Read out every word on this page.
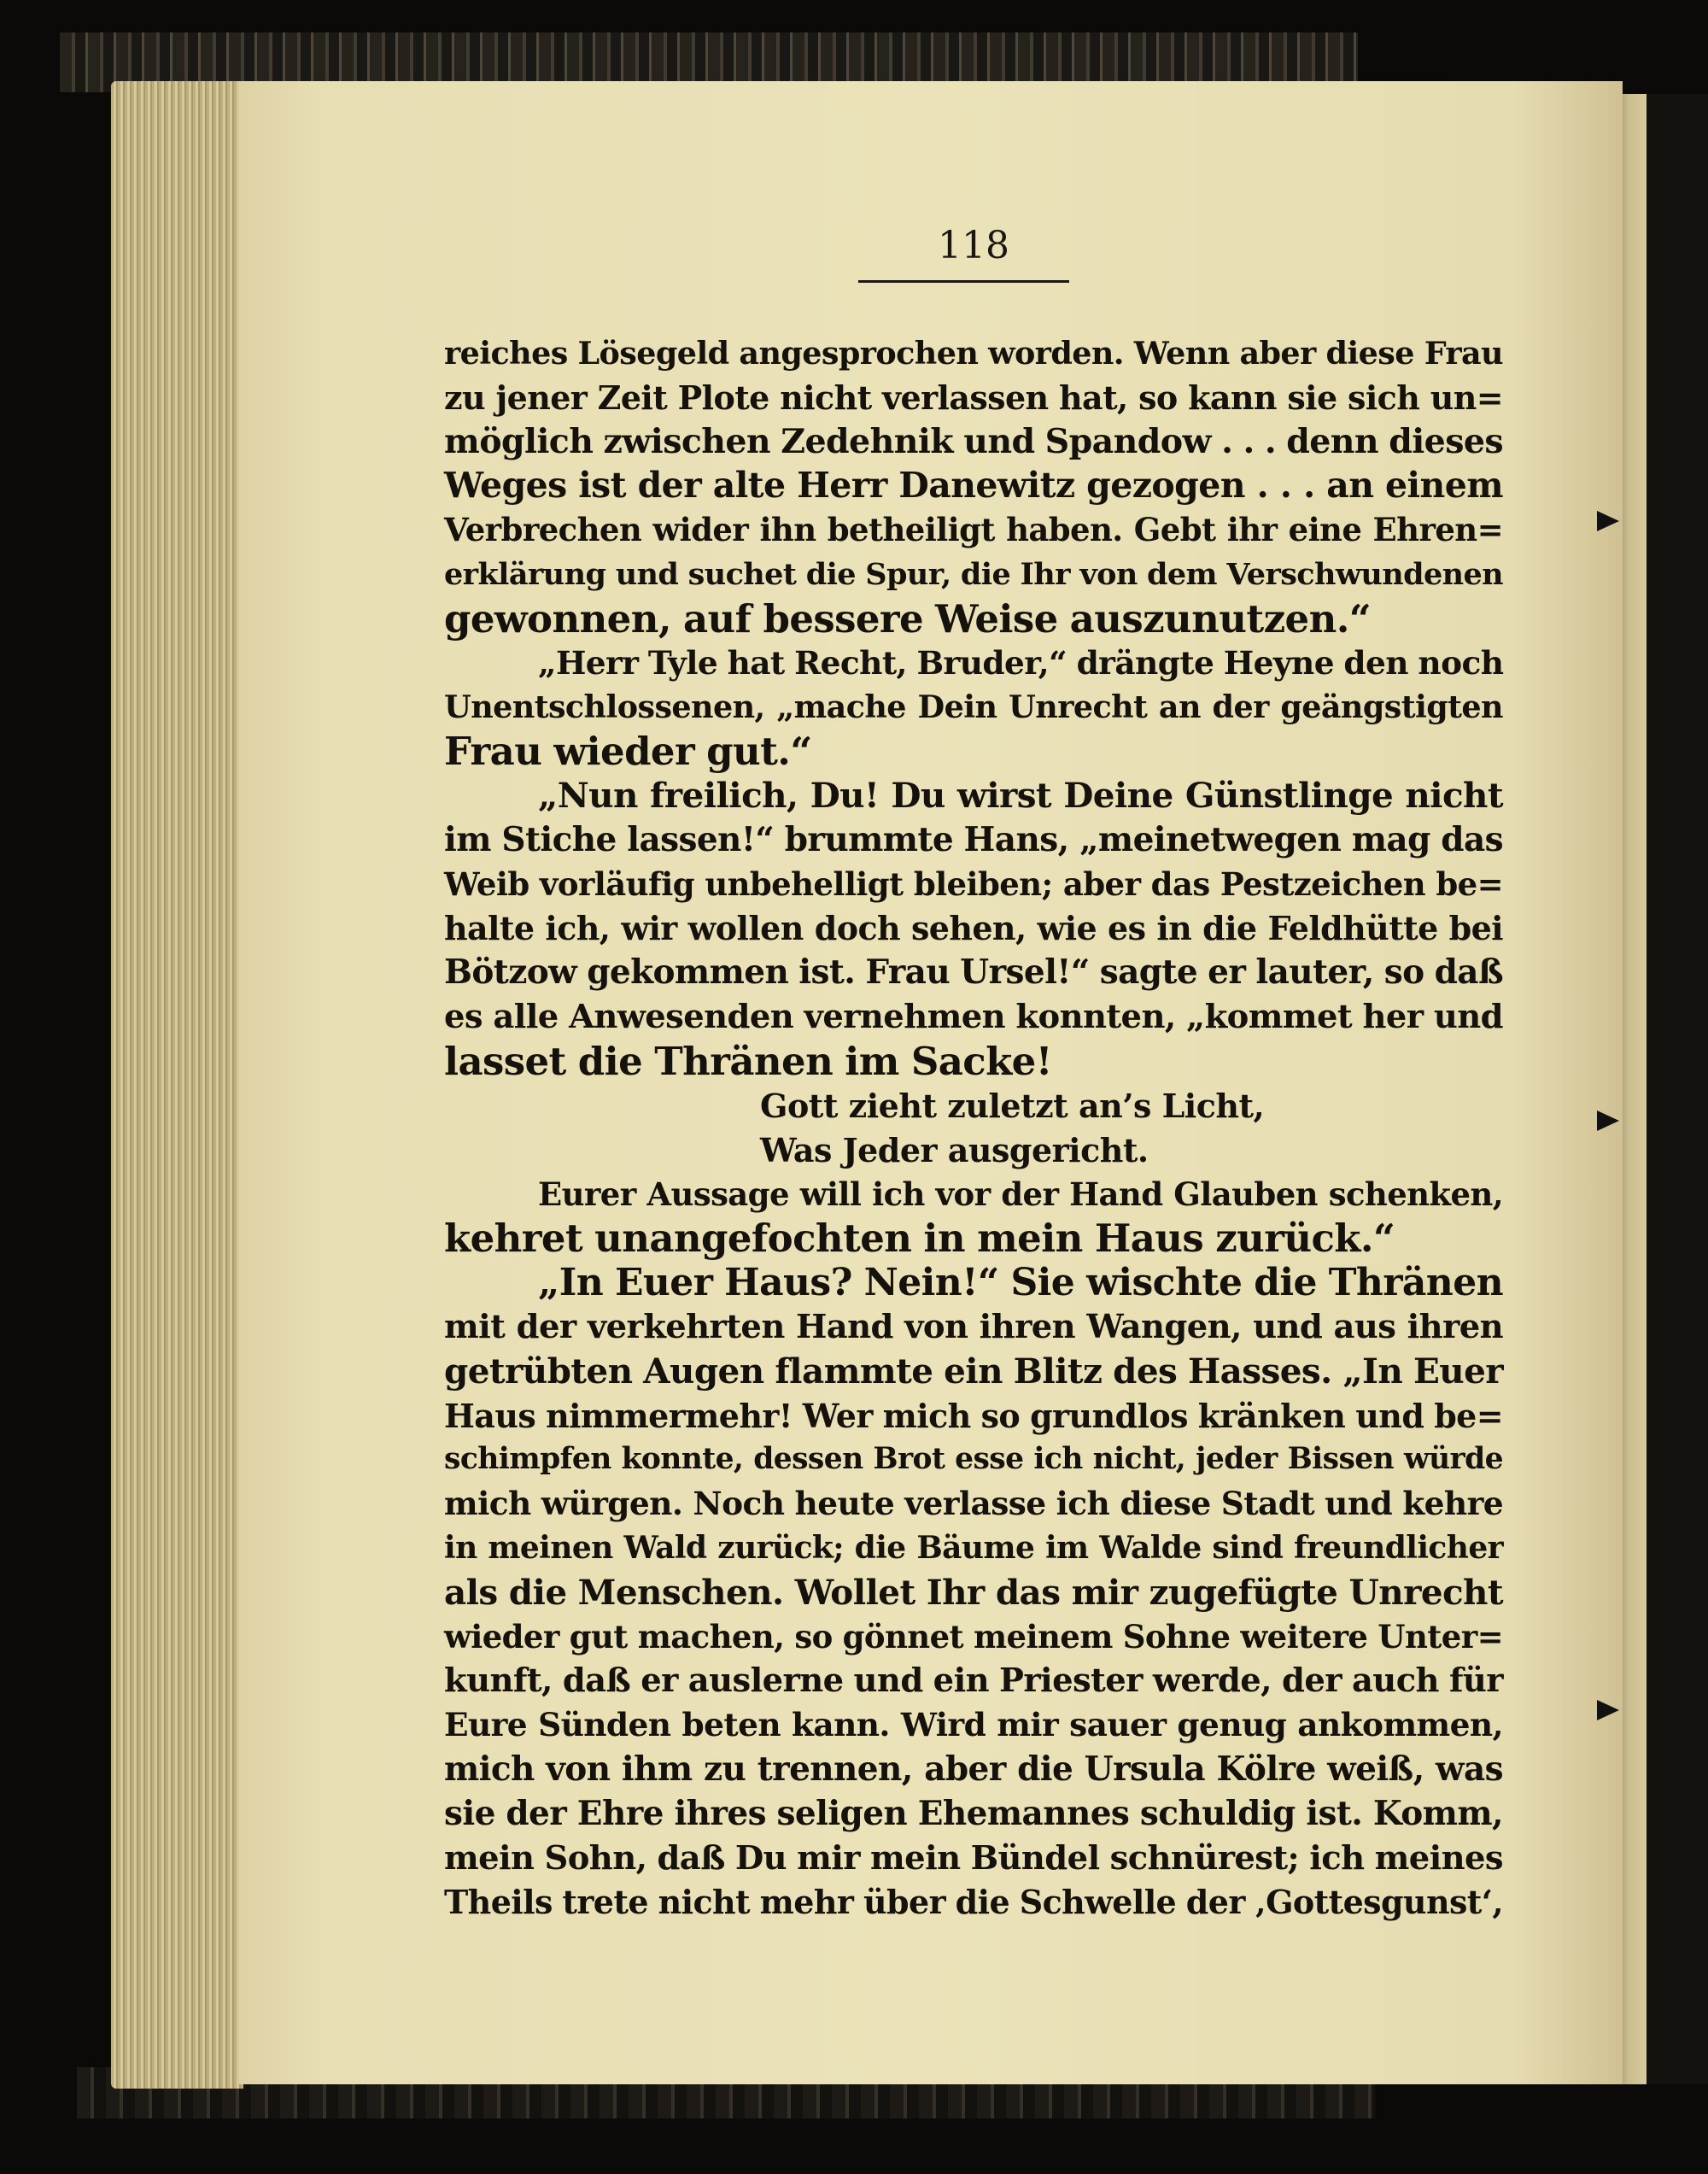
118
reiches Lösegeld angesprochen worden. Wenn aber diese Frau
zu jener Zeit Plote nicht verlassen hat, so kann sie sich un=
möglich zwischen Zedehnik und Spandow . . . denn dieses
Weges ist der alte Herr Danewitz gezogen . . . an einem
Verbrechen wider ihn betheiligt haben. Gebt ihr eine Ehren=
erklärung und suchet die Spur, die Ihr von dem Verschwundenen
gewonnen, auf bessere Weise auszunutzen.“
„Herr Tyle hat Recht, Bruder,“ drängte Heyne den noch
Unentschlossenen, „mache Dein Unrecht an der geängstigten
Frau wieder gut.“
„Nun freilich, Du! Du wirst Deine Günstlinge nicht
im Stiche lassen!“ brummte Hans, „meinetwegen mag das
Weib vorläufig unbehelligt bleiben; aber das Pestzeichen be=
halte ich, wir wollen doch sehen, wie es in die Feldhütte bei
Bötzow gekommen ist. Frau Ursel!“ sagte er lauter, so daß
es alle Anwesenden vernehmen konnten, „kommet her und
lasset die Thränen im Sacke!
Gott zieht zuletzt an’s Licht,
Was Jeder ausgericht.
Eurer Aussage will ich vor der Hand Glauben schenken,
kehret unangefochten in mein Haus zurück.“
„In Euer Haus? Nein!“ Sie wischte die Thränen
mit der verkehrten Hand von ihren Wangen, und aus ihren
getrübten Augen flammte ein Blitz des Hasses. „In Euer
Haus nimmermehr! Wer mich so grundlos kränken und be=
schimpfen konnte, dessen Brot esse ich nicht, jeder Bissen würde
mich würgen. Noch heute verlasse ich diese Stadt und kehre
in meinen Wald zurück; die Bäume im Walde sind freundlicher
als die Menschen. Wollet Ihr das mir zugefügte Unrecht
wieder gut machen, so gönnet meinem Sohne weitere Unter=
kunft, daß er auslerne und ein Priester werde, der auch für
Eure Sünden beten kann. Wird mir sauer genug ankommen,
mich von ihm zu trennen, aber die Ursula Kölre weiß, was
sie der Ehre ihres seligen Ehemannes schuldig ist. Komm,
mein Sohn, daß Du mir mein Bündel schnürest; ich meines
Theils trete nicht mehr über die Schwelle der ‚Gottesgunst‘,
